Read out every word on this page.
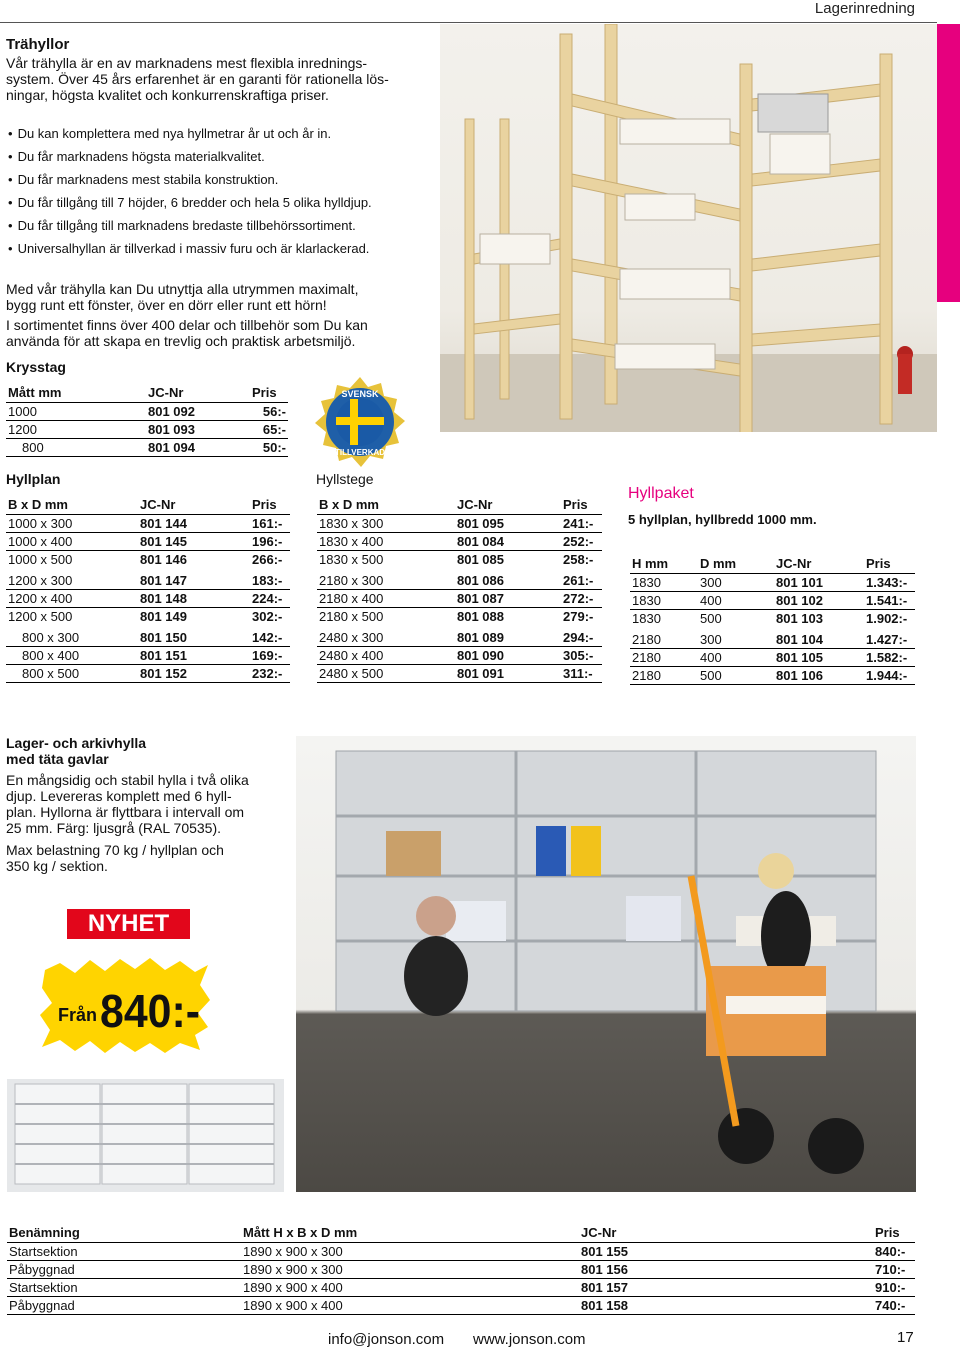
Lagerinredning
Trähyllor
Vår trähylla är en av marknadens mest flexibla inrednings-
system. Över 45 års erfarenhet är en garanti för rationella lös-
ningar, högsta kvalitet och konkurrenskraftiga priser.
• Du kan komplettera med nya hyllmetrar år ut och år in.
• Du får marknadens högsta materialkvalitet.
• Du får marknadens mest stabila konstruktion.
• Du får tillgång till 7 höjder, 6 bredder och hela 5 olika hylldjup.
• Du får tillgång till marknadens bredaste tillbehörssortiment.
• Universalhyllan är tillverkad i massiv furu och är klarlackerad.
Med vår trähylla kan Du utnyttja alla utrymmen maximalt,
bygg runt ett fönster, över en dörr eller runt ett hörn!
I sortimentet finns över 400 delar och tillbehör som Du kan
använda för att skapa en trevlig och praktisk arbetsmiljö.
Krysstag
Mått mm	JC-Nr	Pris
1000	801 092	56:-
1200	801 093	65:-
800	801 094	50:-
SVENSK
TILLVERKAD
Hyllplan
B x D mm	JC-Nr	Pris
1000 x 300	801 144	161:-
1000 x 400	801 145	196:-
1000 x 500	801 146	266:-
1200 x 300	801 147	183:-
1200 x 400	801 148	224:-
1200 x 500	801 149	302:-
800 x 300	801 150	142:-
800 x 400	801 151	169:-
800 x 500	801 152	232:-
Hyllstege
B x D mm	JC-Nr	Pris
1830 x 300	801 095	241:-
1830 x 400	801 084	252:-
1830 x 500	801 085	258:-
2180 x 300	801 086	261:-
2180 x 400	801 087	272:-
2180 x 500	801 088	279:-
2480 x 300	801 089	294:-
2480 x 400	801 090	305:-
2480 x 500	801 091	311:-
Hyllpaket
5 hyllplan, hyllbredd 1000 mm.
H mm	D mm	JC-Nr	Pris
1830	300	801 101	1.343:-
1830	400	801 102	1.541:-
1830	500	801 103	1.902:-
2180	300	801 104	1.427:-
2180	400	801 105	1.582:-
2180	500	801 106	1.944:-
Lager- och arkivhylla
med täta gavlar
En mångsidig och stabil hylla i två olika
djup. Levereras komplett med 6 hyll-
plan. Hyllorna är flyttbara i intervall om
25 mm. Färg: ljusgrå (RAL 70535).
Max belastning 70 kg / hyllplan och
350 kg / sektion.
NYHET
Från 840:-
Benämning	Mått H x B x D mm	JC-Nr	Pris
Startsektion	1890 x 900 x 300	801 155	840:-
Påbyggnad	1890 x 900 x 300	801 156	710:-
Startsektion	1890 x 900 x 400	801 157	910:-
Påbyggnad	1890 x 900 x 400	801 158	740:-
info@jonson.com www.jonson.com	17
